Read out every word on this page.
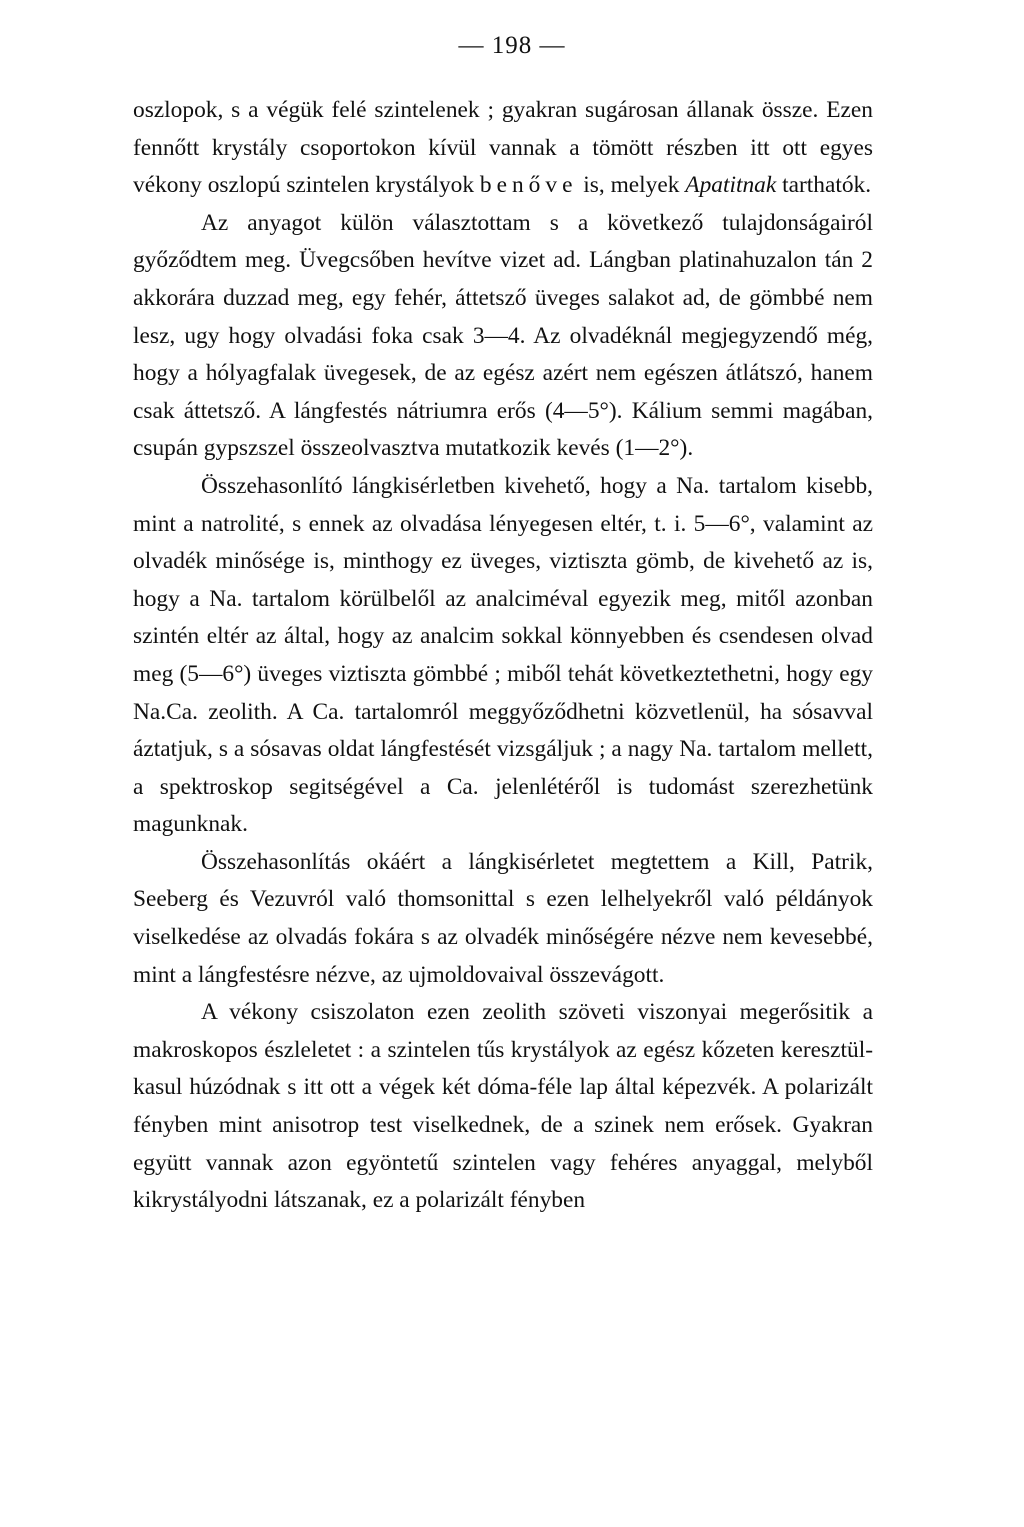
— 198 —

oszlopok, s a végük felé szintelenek ; gyakran sugárosan állanak össze. Ezen fennőtt krystály csoportokon kívül vannak a tömött részben itt ott egyes vékony oszlopú szintelen krystályok benőve is, melyek Apatitnak tarthatók.

Az anyagot külön választottam s a következő tulajdonságairól győződtem meg. Üvegcsőben hevítve vizet ad. Lángban platinahuzalon tán 2 akkorára duzzad meg, egy fehér, áttetsző üveges salakot ad, de gömbbé nem lesz, ugy hogy olvadási foka csak 3—4. Az olvadéknál megjegyzendő még, hogy a hólyagfalak üvegesek, de az egész azért nem egészen átlátszó, hanem csak áttetsző. A lángfestés nátriumra erős (4—5°). Kálium semmi magában, csupán gypszszel összeolvasztva mutatkozik kevés (1—2°).

Összehasonlító lángkisérletben kivehető, hogy a Na. tartalom kisebb, mint a natrolité, s ennek az olvadása lényegesen eltér, t. i. 5—6°, valamint az olvadék minősége is, minthogy ez üveges, viztiszta gömb, de kivehető az is, hogy a Na. tartalom körülbelől az analciméval egyezik meg, mitől azonban szintén eltér az által, hogy az analcim sokkal könnyebben és csendesen olvad meg (5—6°) üveges viztiszta gömbbé ; miből tehát következtethetni, hogy egy Na.Ca. zeolith. A Ca. tartalomról meggyőződhetni közvetlenül, ha sósavval áztatjuk, s a sósavas oldat lángfestését vizsgáljuk ; a nagy Na. tartalom mellett, a spektroskop segitségével a Ca. jelenlétéről is tudomást szerezhetünk magunknak.

Összehasonlítás okáért a lángkisérletet megtettem a Kill, Patrik, Seeberg és Vezuvról való thomsonittal s ezen lelhelyekről való példányok viselkedése az olvadás fokára s az olvadék minőségére nézve nem kevesebbé, mint a lángfestésre nézve, az ujmoldovaival összevágott.

A vékony csiszolaton ezen zeolith szöveti viszonyai megerősitik a makroskopos észleletet : a szintelen tűs krystályok az egész kőzeten keresztül-kasul húzódnak s itt ott a végek két dóma-féle lap által képezvék. A polarizált fényben mint anisotrop test viselkednek, de a szinek nem erősek. Gyakran együtt vannak azon egyöntetű szintelen vagy fehéres anyaggal, melyből kikrystályodni látszanak, ez a polarizált fényben
